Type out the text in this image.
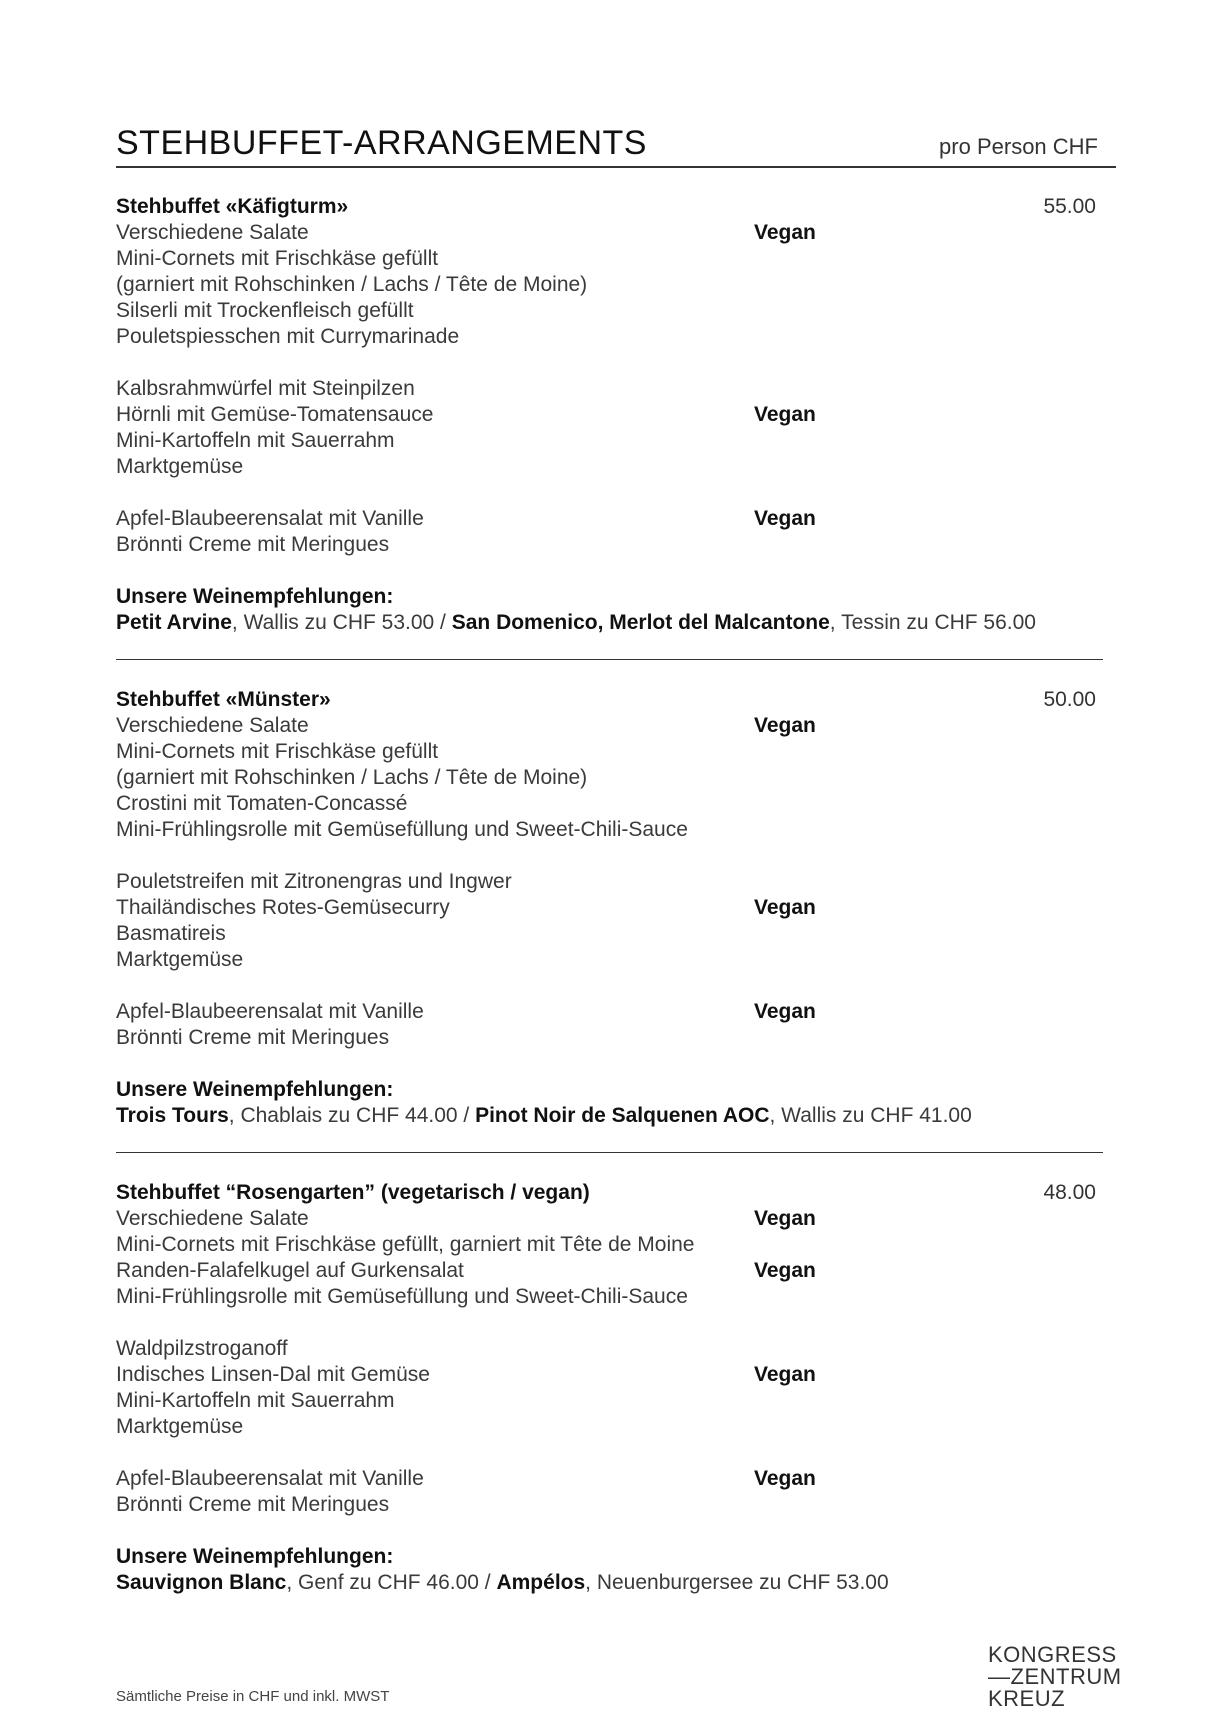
STEHBUFFET-ARRANGEMENTS	pro Person CHF
Stehbuffet «Käfigturm»	55.00
Verschiedene Salate	Vegan
Mini-Cornets mit Frischkäse gefüllt
(garniert mit Rohschinken / Lachs / Tête de Moine)
Silserli mit Trockenfleisch gefüllt
Pouletspiesschen mit Currymarinade
Kalbsrahmwürfel mit Steinpilzen
Hörnli mit Gemüse-Tomatensauce	Vegan
Mini-Kartoffeln mit Sauerrahm
Marktgemüse
Apfel-Blaubeerensalat mit Vanille	Vegan
Brönnti Creme mit Meringues
Unsere Weinempfehlungen:
Petit Arvine, Wallis zu CHF 53.00 / San Domenico, Merlot del Malcantone, Tessin zu CHF 56.00
Stehbuffet «Münster»	50.00
Verschiedene Salate	Vegan
Mini-Cornets mit Frischkäse gefüllt
(garniert mit Rohschinken / Lachs / Tête de Moine)
Crostini mit Tomaten-Concassé
Mini-Frühlingsrolle mit Gemüsefüllung und Sweet-Chili-Sauce
Pouletstreifen mit Zitronengras und Ingwer
Thailändisches Rotes-Gemüsecurry	Vegan
Basmatireis
Marktgemüse
Apfel-Blaubeerensalat mit Vanille	Vegan
Brönnti Creme mit Meringues
Unsere Weinempfehlungen:
Trois Tours, Chablais zu CHF 44.00 / Pinot Noir de Salquenen AOC, Wallis zu CHF 41.00
Stehbuffet “Rosengarten” (vegetarisch / vegan)	48.00
Verschiedene Salate	Vegan
Mini-Cornets mit Frischkäse gefüllt, garniert mit Tête de Moine
Randen-Falafelkugel auf Gurkensalat	Vegan
Mini-Frühlingsrolle mit Gemüsefüllung und Sweet-Chili-Sauce
Waldpilzstroganoff
Indisches Linsen-Dal mit Gemüse	Vegan
Mini-Kartoffeln mit Sauerrahm
Marktgemüse
Apfel-Blaubeerensalat mit Vanille	Vegan
Brönnti Creme mit Meringues
Unsere Weinempfehlungen:
Sauvignon Blanc, Genf zu CHF 46.00 / Ampélos, Neuenburgersee zu CHF 53.00
Sämtliche Preise in CHF und inkl. MWST
KONGRESS
—ZENTRUM
KREUZ
